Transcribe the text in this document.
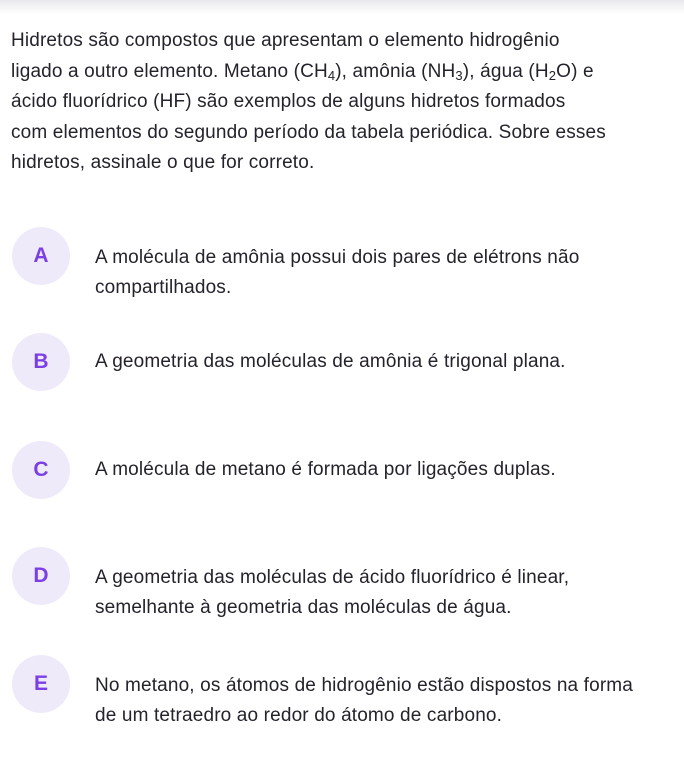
Hidretos são compostos que apresentam o elemento hidrogênio
ligado a outro elemento. Metano $(CH_4)$, amônia $(NH_3)$, água $(H_2O)$ e
ácido fluorídrico (HF) são exemplos de alguns hidretos formados
com elementos do segundo período da tabela periódica. Sobre esses
hidretos, assinale o que for correto.

A	A molécula de amônia possui dois pares de elétrons não compartilhados.
B	A geometria das moléculas de amônia é trigonal plana.
C	A molécula de metano é formada por ligações duplas.
D	A geometria das moléculas de ácido fluorídrico é linear, semelhante à geometria das moléculas de água.
E	No metano, os átomos de hidrogênio estão dispostos na forma de um tetraedro ao redor do átomo de carbono.
